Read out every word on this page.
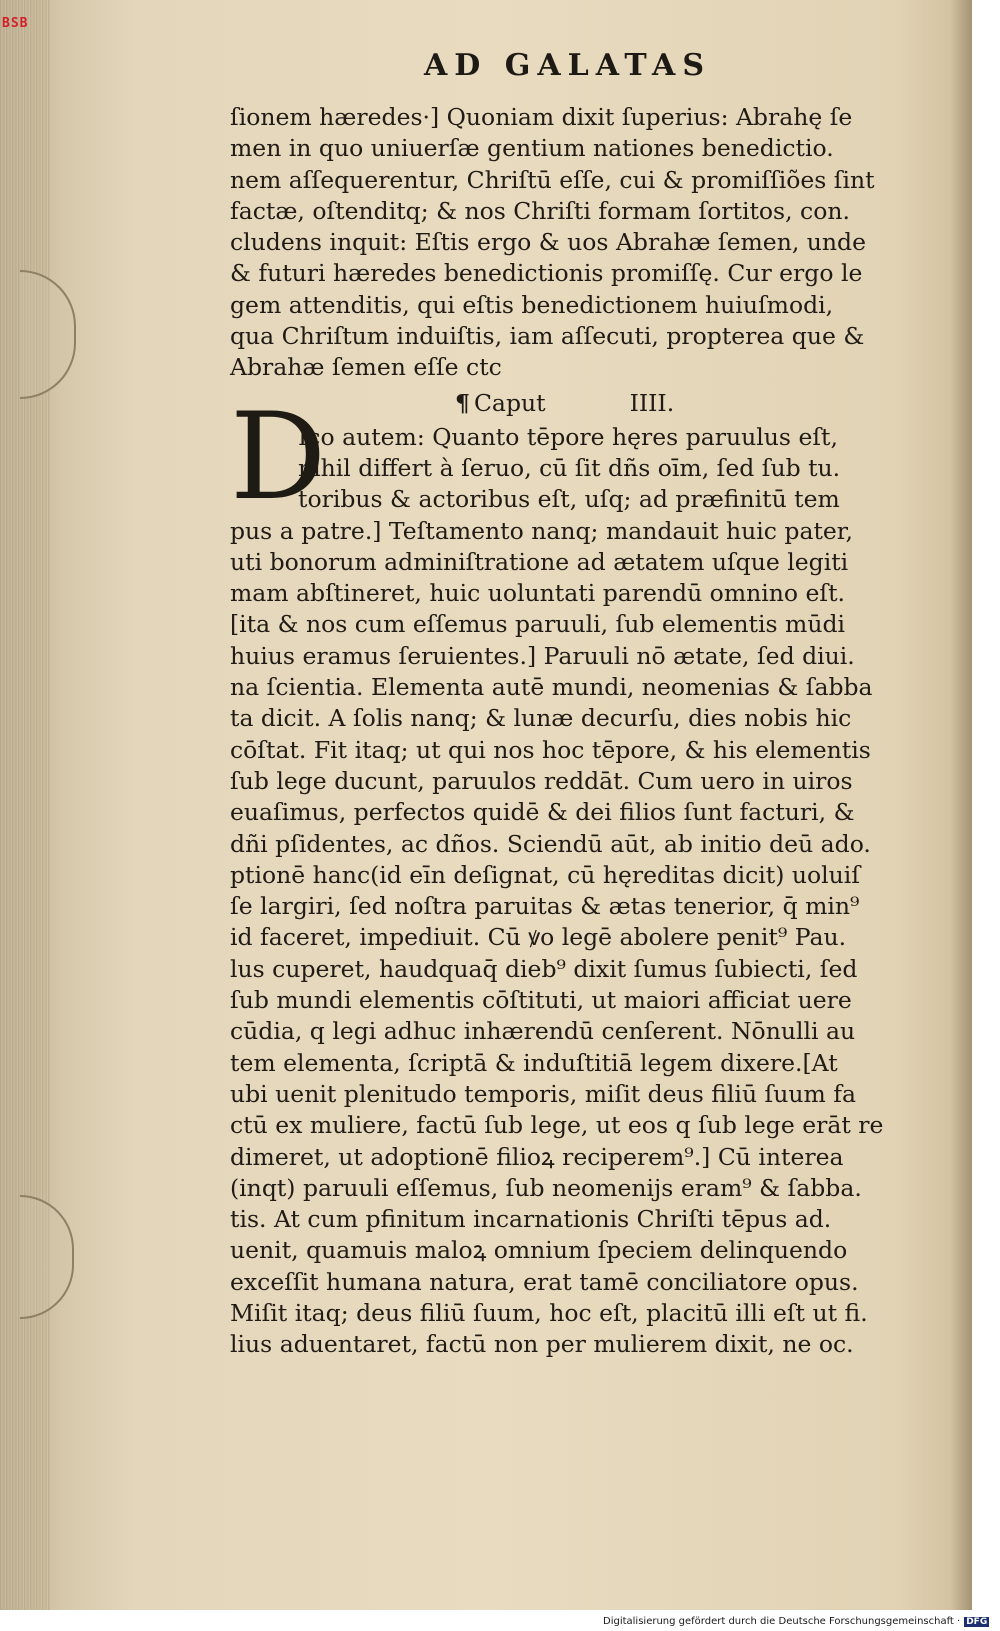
AD GALATAS
D
ſionem hæredes·] Quoniam dixit ſuperius: Abrahę ſe
men in quo uniuerſæ gentium nationes benedictio.
nem aſſequerentur, Chriſtū eſſe, cui & promiſſiões ſint
factæ, oſtenditq; & nos Chriſti formam ſortitos, con.
cludens inquit: Eſtis ergo & uos Abrahæ ſemen, unde
& futuri hæredes benedictionis promiſſę. Cur ergo le
gem attenditis, qui eſtis benedictionem huiuſmodi,
qua Chriſtum induiſtis, iam aſſecuti, propterea que &
Abrahæ ſemen eſſe ctc
¶ Caput	IIII.
Ico autem: Quanto tēpore hęres paruulus eſt,
nihil differt à ſeruo, cū ſit dñs oīm, ſed ſub tu.
toribus & actoribus eſt, uſq; ad præfinitū tem
pus a patre.] Teſtamento nanq; mandauit huic pater,
uti bonorum adminiſtratione ad ætatem uſque legiti
mam abſtineret, huic uoluntati parendū omnino eſt.
[ita & nos cum eſſemus paruuli, ſub elementis mūdi
huius eramus ſeruientes.] Paruuli nō ætate, ſed diui.
na ſcientia. Elementa autē mundi, neomenias & ſabba
ta dicit. A ſolis nanq; & lunæ decurſu, dies nobis hic
cōſtat. Fit itaq; ut qui nos hoc tēpore, & his elementis
ſub lege ducunt, paruulos reddāt. Cum uero in uiros
euaſimus, perfectos quidē & dei filios ſunt facturi, &
dñi pſidentes, ac dños. Sciendū aūt, ab initio deū ado.
ptionē hanc(id eīn deſignat, cū hęreditas dicit) uoluiſ
ſe largiri, ſed noſtra paruitas & ætas tenerior, q̄ min⁹
id faceret, impediuit. Cū ꝟo legē abolere penit⁹ Pau.
lus cuperet, haudquaq̄ dieb⁹ dixit ſumus ſubiecti, ſed
ſub mundi elementis cōſtituti, ut maiori afficiat uere
cūdia, q legi adhuc inhærendū cenſerent. Nōnulli au
tem elementa, ſcriptā & induſtitiā legem dixere.[At
ubi uenit plenitudo temporis, miſit deus filiū ſuum fa
ctū ex muliere, factū ſub lege, ut eos q ſub lege erāt re
dimeret, ut adoptionē filioꝝ reciperem⁹.] Cū interea
(inqt) paruuli eſſemus, ſub neomenijs eram⁹ & ſabba.
tis. At cum pfinitum incarnationis Chriſti tēpus ad.
uenit, quamuis maloꝝ omnium ſpeciem delinquendo
exceſſit humana natura, erat tamē conciliatore opus.
Miſit itaq; deus filiū ſuum, hoc eſt, placitū illi eſt ut fi.
lius aduentaret, factū non per mulierem dixit, ne oc.
BSB
Digitalisierung gefördert durch die Deutsche Forschungsgemeinschaft · DFG
